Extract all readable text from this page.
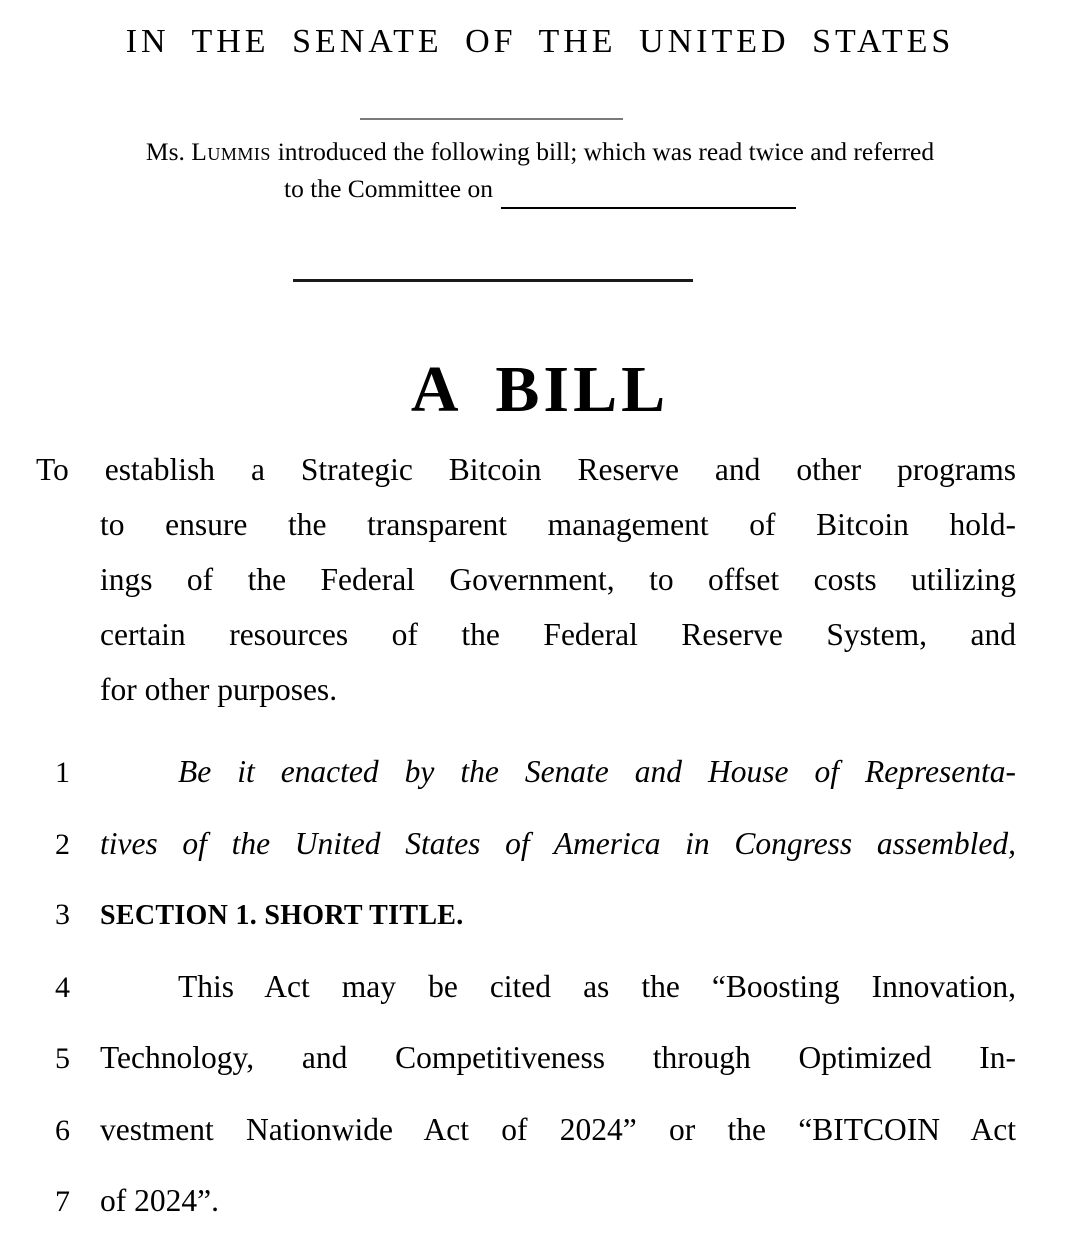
IN THE SENATE OF THE UNITED STATES
Ms. Lummis introduced the following bill; which was read twice and referred
to the Committee on
A BILL
To establish a Strategic Bitcoin Reserve and other programs
to ensure the transparent management of Bitcoin hold-
ings of the Federal Government, to offset costs utilizing
certain resources of the Federal Reserve System, and
for other purposes.
1	Be it enacted by the Senate and House of Representa-
2 tives of the United States of America in Congress assembled,
3	SECTION 1. SHORT TITLE.
4	This Act may be cited as the “Boosting Innovation,
5 Technology, and Competitiveness through Optimized In-
6 vestment Nationwide Act of 2024” or the “BITCOIN Act
7 of 2024”.
